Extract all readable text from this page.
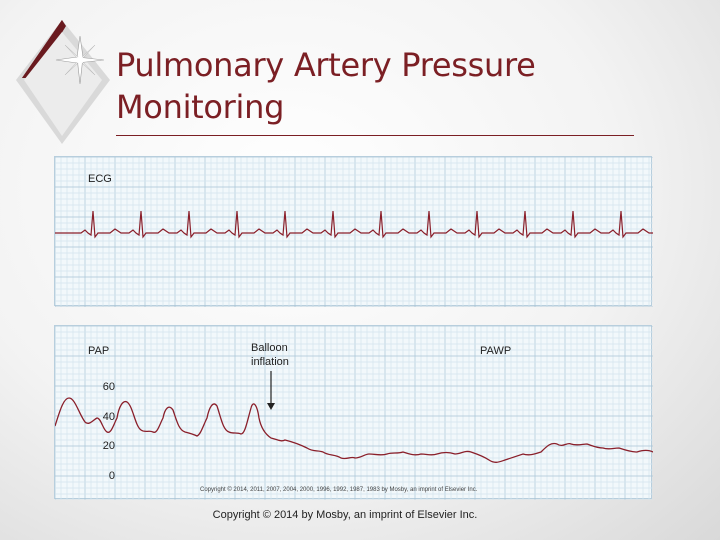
Pulmonary Artery Pressure
Monitoring
ECG
PAP	Balloon
inflation
PAWP
60
40
20
0
Copyright © 2014, 2011, 2007, 2004, 2000, 1996, 1992, 1987, 1983 by Mosby, an imprint of Elsevier Inc.
Copyright © 2014 by Mosby, an imprint of Elsevier Inc.
